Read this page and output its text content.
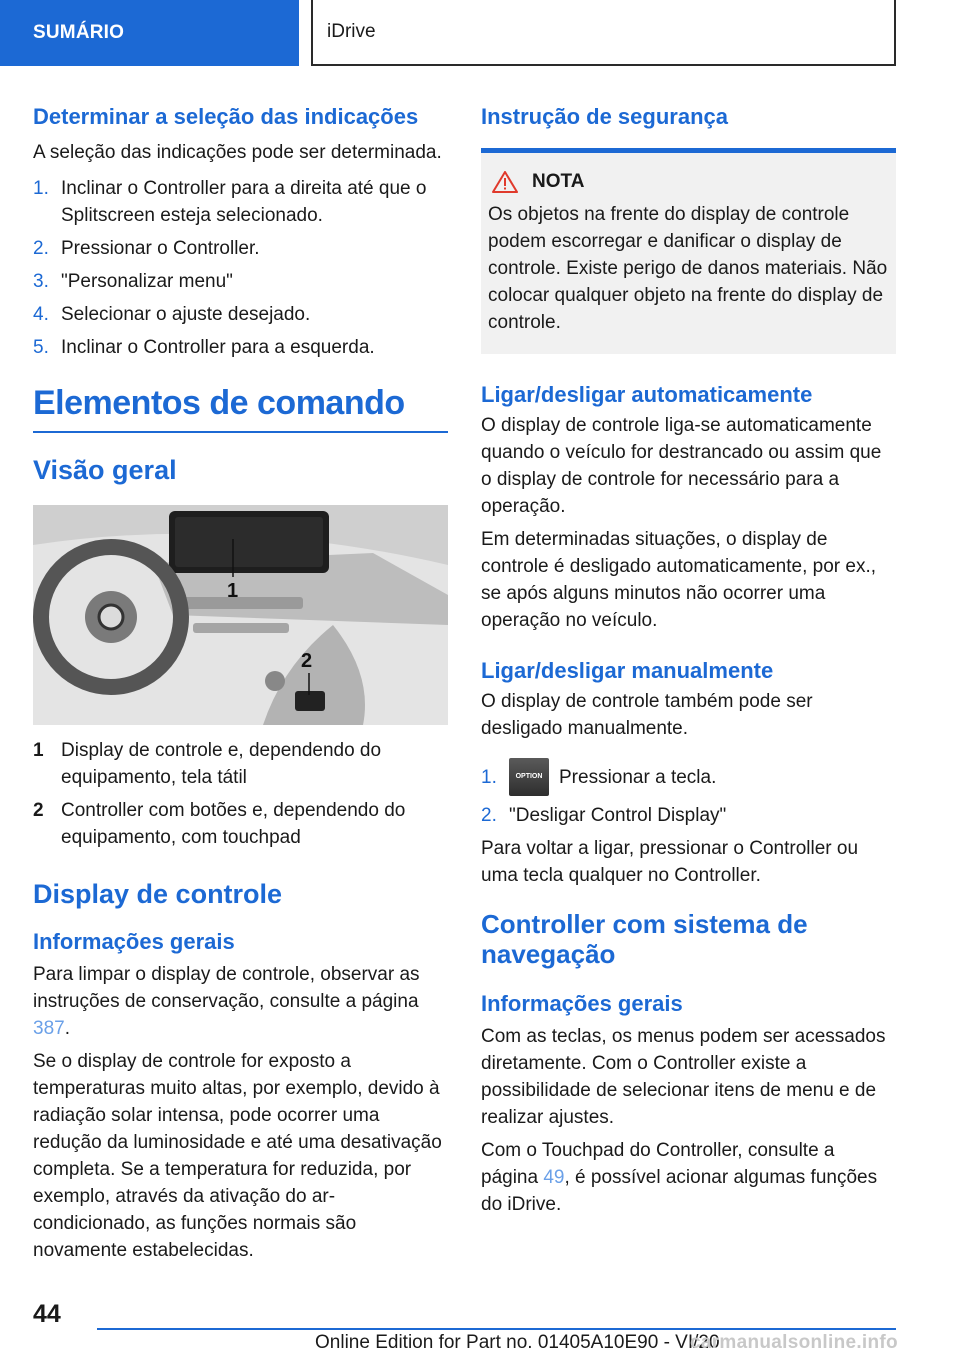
SUMÁRIO	iDrive
Determinar a seleção das indicações

A seleção das indicações pode ser determinada.

1. Inclinar o Controller para a direita até que o Splitscreen esteja selecionado.
2. Pressionar o Controller.
3. "Personalizar menu"
4. Selecionar o ajuste desejado.
5. Inclinar o Controller para a esquerda.
Elementos de comando
Visão geral
1
2
1 Display de controle e, dependendo do equipamento, tela tátil
2 Controller com botões e, dependendo do equipamento, com touchpad
Display de controle
Informações gerais

Para limpar o display de controle, observar as instruções de conservação, consulte a página 387.

Se o display de controle for exposto a temperaturas muito altas, por exemplo, devido à radiação solar intensa, pode ocorrer uma redução da luminosidade e até uma desativação completa. Se a temperatura for reduzida, por exemplo, através da ativação do ar-condicionado, as funções normais são novamente estabelecidas.

Instrução de segurança
NOTA

Os objetos na frente do display de controle podem escorregar e danificar o display de controle. Existe perigo de danos materiais. Não colocar qualquer objeto na frente do display de controle.

Ligar/desligar automaticamente

O display de controle liga-se automaticamente quando o veículo for destrancado ou assim que o display de controle for necessário para a operação.

Em determinadas situações, o display de controle é desligado automaticamente, por ex., se após alguns minutos não ocorrer uma operação no veículo.

Ligar/desligar manualmente

O display de controle também pode ser desligado manualmente.

1.	OPTION Pressionar a tecla.
2. "Desligar Control Display"

Para voltar a ligar, pressionar o Controller ou uma tecla qualquer no Controller.

Controller com sistema de navegação
Informações gerais

Com as teclas, os menus podem ser acessados diretamente. Com o Controller existe a possibilidade de selecionar itens de menu e de realizar ajustes.

Com o Touchpad do Controller, consulte a página 49, é possível acionar algumas funções do iDrive.

44
Online Edition for Part no. 01405A10E90 - VI/20
carmanualsonline.info
